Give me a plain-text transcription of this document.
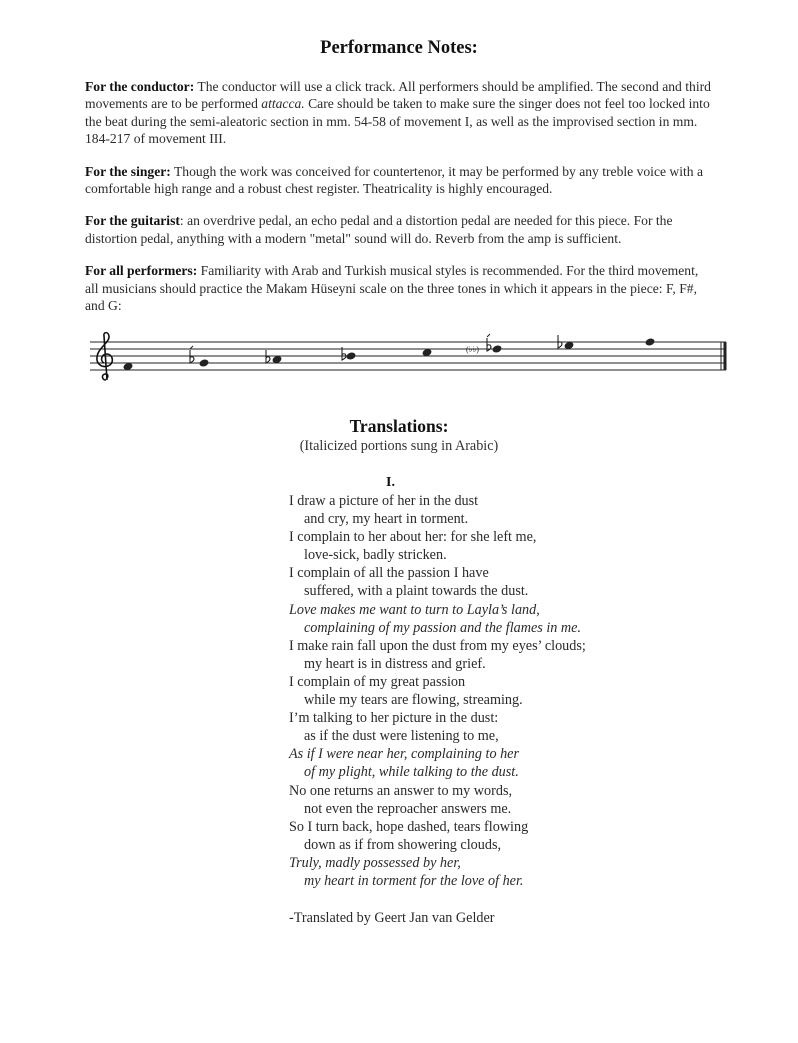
Performance Notes:

For the conductor: The conductor will use a click track. All performers should be amplified. The second and third movements are to be performed attacca. Care should be taken to make sure the singer does not feel too locked into the beat during the semi-aleatoric section in mm. 54-58 of movement I, as well as the improvised section in mm. 184-217 of movement III.

For the singer: Though the work was conceived for countertenor, it may be performed by any treble voice with a comfortable high range and a robust chest register. Theatricality is highly encouraged.

For the guitarist: an overdrive pedal, an echo pedal and a distortion pedal are needed for this piece. For the distortion pedal, anything with a modern "metal" sound will do. Reverb from the amp is sufficient.

For all performers: Familiarity with Arab and Turkish musical styles is recommended. For the third movement, all musicians should practice the Makam Hüseyni scale on the three tones in which it appears in the piece: F, F#, and G:

(♭♭)
Translations:
(Italicized portions sung in Arabic)
I.
I draw a picture of her in the dust
and cry, my heart in torment.
I complain to her about her: for she left me,
love-sick, badly stricken.
I complain of all the passion I have
suffered, with a plaint towards the dust.
Love makes me want to turn to Layla’s land,
complaining of my passion and the flames in me.
I make rain fall upon the dust from my eyes’ clouds;
my heart is in distress and grief.
I complain of my great passion
while my tears are flowing, streaming.
I’m talking to her picture in the dust:
as if the dust were listening to me,
As if I were near her, complaining to her
of my plight, while talking to the dust.
No one returns an answer to my words,
not even the reproacher answers me.
So I turn back, hope dashed, tears flowing
down as if from showering clouds,
Truly, madly possessed by her,
my heart in torment for the love of her.
-Translated by Geert Jan van Gelder
